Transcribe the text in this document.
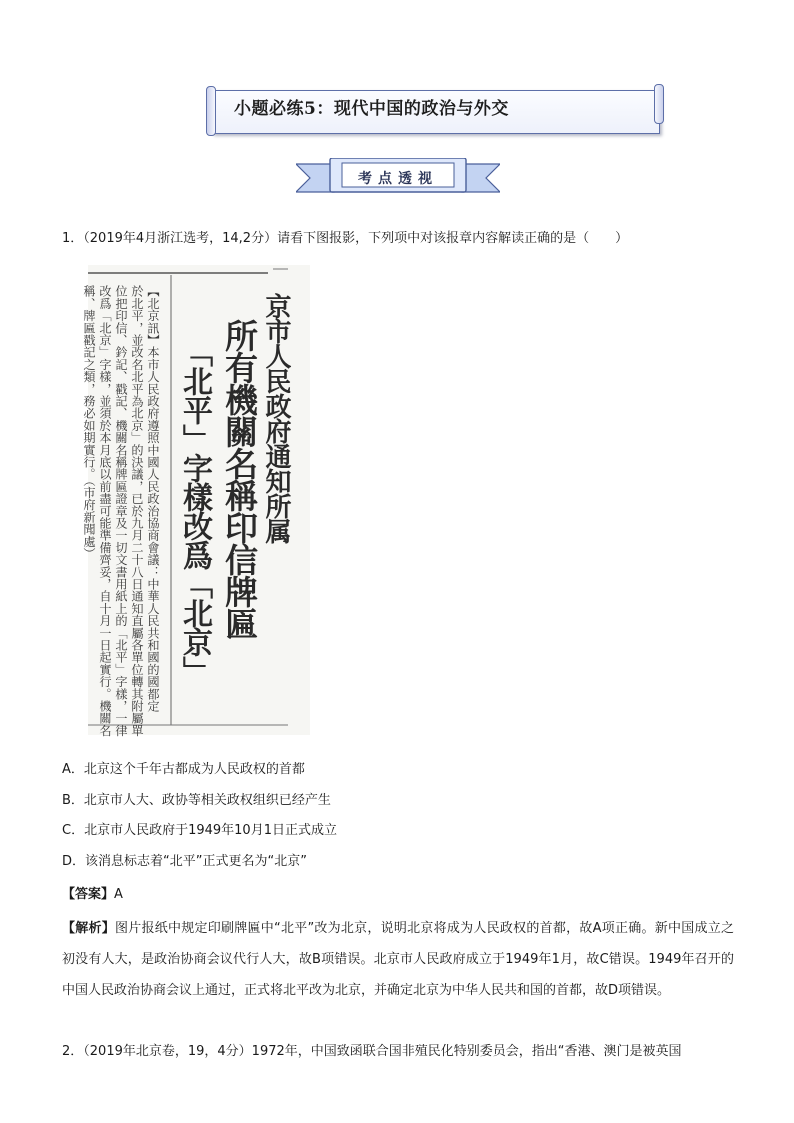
小题必练5：现代中国的政治与外交
考点透视
1．（2019年4月浙江选考，14,2分）请看下图报影，下列项中对该报章内容解读正确的是（　　）
京市人民政府通知所属
所有機關名稱印信牌匾
「北平」字樣改爲「北京」
【北京訊】本市人民政府遵照中國人民政治協商會議：中華人民共和國的國都定
於北平，並改名北平為北京」的決議，已於九月二十八日通知直屬各單位轉其附屬單
位把印信、鈐記、戳記、機關名稱牌匾證章及一切文書用紙上的「北平」字樣，一律
改爲「北京」字樣，並須於本月底以前盡可能準備齊妥，自十月一日起實行。機關名
稱、牌匾戳記之類，務必如期實行。（市府新聞處）
A．北京这个千年古都成为人民政权的首都
B．北京市人大、政协等相关政权组织已经产生
C．北京市人民政府于1949年10月1日正式成立
D．该消息标志着“北平”正式更名为“北京”
【答案】A
【解析】图片报纸中规定印刷牌匾中“北平”改为北京，说明北京将成为人民政权的首都，故A项正确。新中国成立之初没有人大，是政治协商会议代行人大，故B项错误。北京市人民政府成立于1949年1月，故C错误。1949年召开的中国人民政治协商会议上通过，正式将北平改为北京，并确定北京为中华人民共和国的首都，故D项错误。
2．（2019年北京卷，19，4分）1972年，中国致函联合国非殖民化特别委员会，指出“香港、澳门是被英国
